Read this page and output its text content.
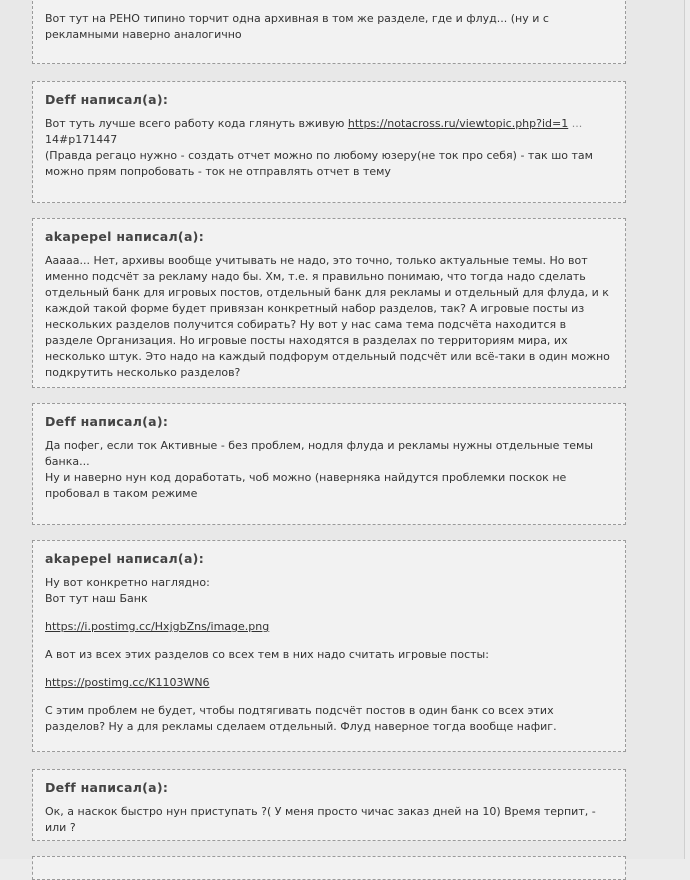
Вот тут на РЕНО типино торчит одна архивная в том же разделе, где и флуд... (ну и с рекламными наверно аналогично

Deff написал(а):

Вот туть лучше всего работу кода глянуть вживую https://notacross.ru/viewtopic.php?id=1 ...
14#p171447

(Правда регацо нужно - создать отчет можно по любому юзеру(не ток про себя) - так шо там можно прям попробовать - ток не отправлять отчет в тему

akapepel написал(а):

Ааааа... Нет, архивы вообще учитывать не надо, это точно, только актуальные темы. Но вот именно подсчёт за рекламу надо бы. Хм, т.е. я правильно понимаю, что тогда надо сделать отдельный банк для игровых постов, отдельный банк для рекламы и отдельный для флуда, и к каждой такой форме будет привязан конкретный набор разделов, так? А игровые посты из нескольких разделов получится собирать? Ну вот у нас сама тема подсчёта находится в разделе Организация. Но игровые посты находятся в разделах по территориям мира, их несколько штук. Это надо на каждый подфорум отдельный подсчёт или всё-таки в один можно подкрутить несколько разделов?

Deff написал(а):

Да пофег, если ток Активные - без проблем, нодля флуда и рекламы нужны отдельные темы банка...

Ну и наверно нун код доработать, чоб можно (наверняка найдутся проблемки поскок не пробовал в таком режиме

akapepel написал(а):

Ну вот конкретно наглядно:

Вот тут наш Банк

https://i.postimg.cc/HxjgbZns/image.png

А вот из всех этих разделов со всех тем в них надо считать игровые посты:

https://postimg.cc/K1103WN6

С этим проблем не будет, чтобы подтягивать подсчёт постов в один банк со всех этих разделов? Ну а для рекламы сделаем отдельный. Флуд наверное тогда вообще нафиг.

Deff написал(а):

Ок, а наскок быстро нун приступать ?( У меня просто чичас заказ дней на 10) Время терпит, - или ?
